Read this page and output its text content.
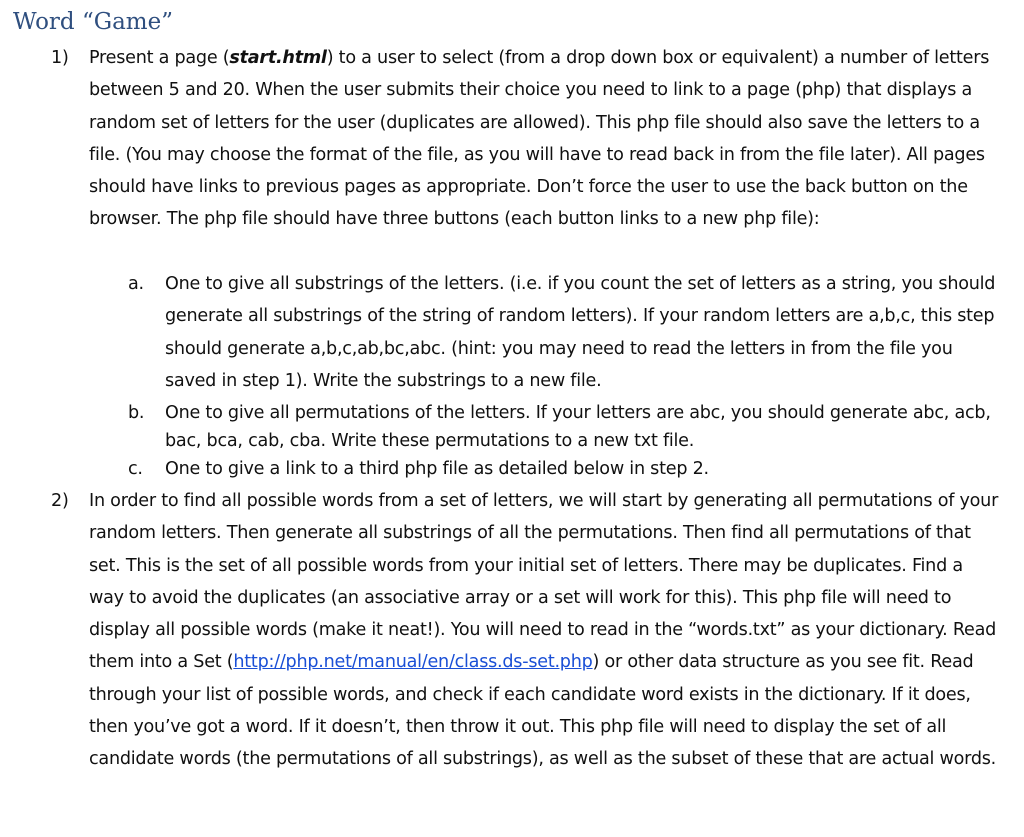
Word “Game”
1) Present a page (start.html) to a user to select (from a drop down box or equivalent) a number of letters between 5 and 20. When the user submits their choice you need to link to a page (php) that displays a random set of letters for the user (duplicates are allowed). This php file should also save the letters to a file. (You may choose the format of the file, as you will have to read back in from the file later). All pages should have links to previous pages as appropriate. Don’t force the user to use the back button on the browser. The php file should have three buttons (each button links to a new php file):
a. One to give all substrings of the letters. (i.e. if you count the set of letters as a string, you should generate all substrings of the string of random letters). If your random letters are a,b,c, this step should generate a,b,c,ab,bc,abc. (hint: you may need to read the letters in from the file you saved in step 1). Write the substrings to a new file.
b. One to give all permutations of the letters. If your letters are abc, you should generate abc, acb, bac, bca, cab, cba. Write these permutations to a new txt file.
c. One to give a link to a third php file as detailed below in step 2.
2) In order to find all possible words from a set of letters, we will start by generating all permutations of your random letters. Then generate all substrings of all the permutations. Then find all permutations of that set. This is the set of all possible words from your initial set of letters. There may be duplicates. Find a way to avoid the duplicates (an associative array or a set will work for this). This php file will need to display all possible words (make it neat!). You will need to read in the “words.txt” as your dictionary. Read them into a Set (http://php.net/manual/en/class.ds-set.php) or other data structure as you see fit. Read through your list of possible words, and check if each candidate word exists in the dictionary. If it does, then you’ve got a word. If it doesn’t, then throw it out. This php file will need to display the set of all candidate words (the permutations of all substrings), as well as the subset of these that are actual words.
